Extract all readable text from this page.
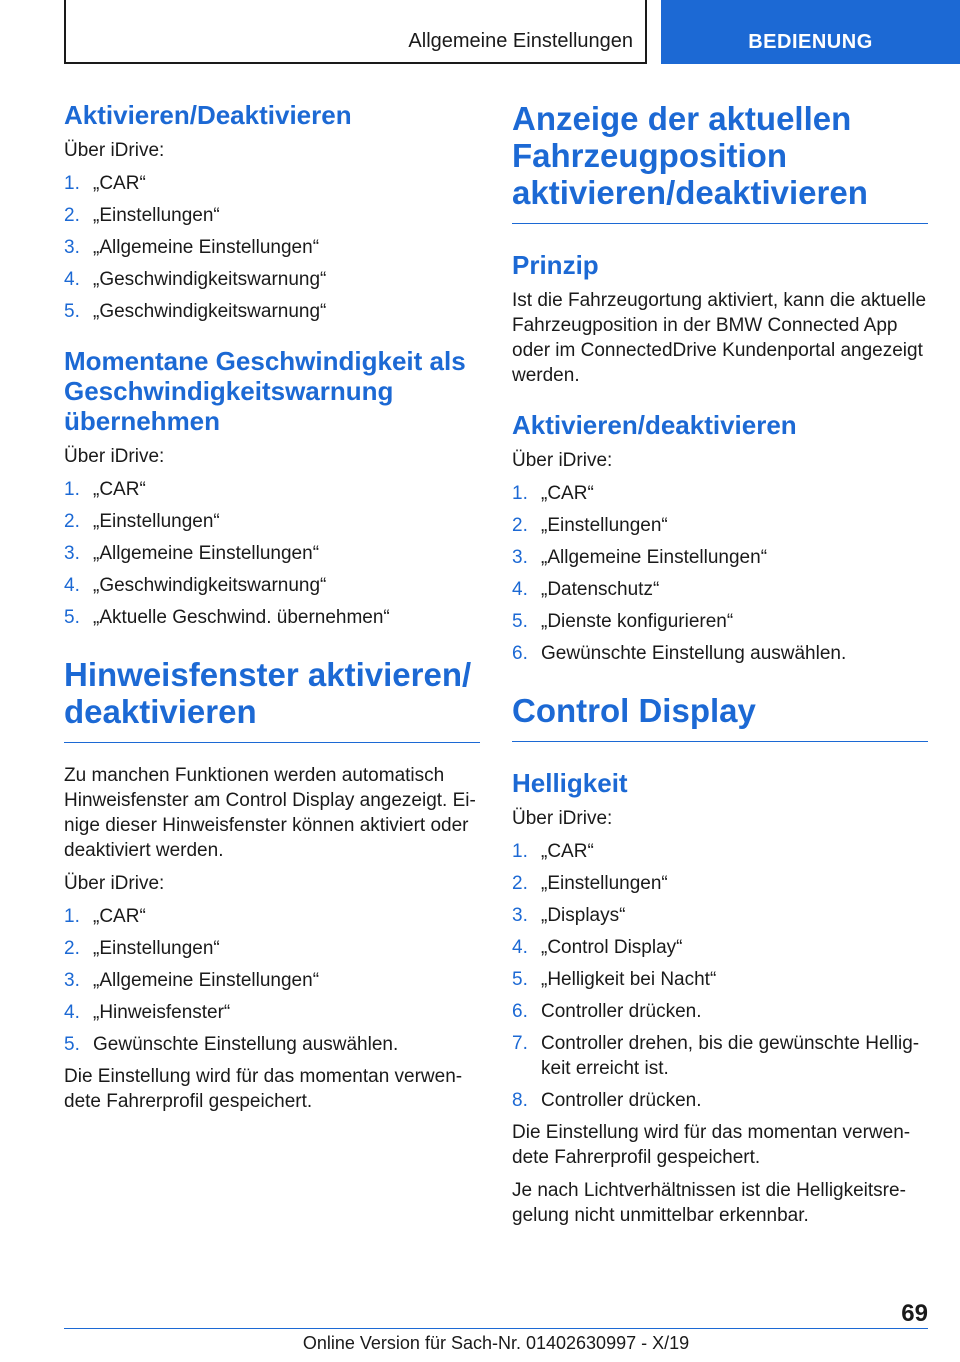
Allgemeine Einstellungen	BEDIENUNG
Aktivieren/Deaktivieren
Über iDrive:
1. „CAR“
2. „Einstellungen“
3. „Allgemeine Einstellungen“
4. „Geschwindigkeitswarnung“
5. „Geschwindigkeitswarnung“
Momentane Geschwindigkeit als Geschwindigkeitswarnung übernehmen
Über iDrive:
1. „CAR“
2. „Einstellungen“
3. „Allgemeine Einstellungen“
4. „Geschwindigkeitswarnung“
5. „Aktuelle Geschwind. übernehmen“
Hinweisfenster aktivieren/ deaktivieren
Zu manchen Funktionen werden automatisch Hinweisfenster am Control Display angezeigt. Einige dieser Hinweisfenster können aktiviert oder deaktiviert werden.
Über iDrive:
1. „CAR“
2. „Einstellungen“
3. „Allgemeine Einstellungen“
4. „Hinweisfenster“
5. Gewünschte Einstellung auswählen.
Die Einstellung wird für das momentan verwendete Fahrerprofil gespeichert.
Anzeige der aktuellen Fahrzeugposition aktivieren/deaktivieren
Prinzip
Ist die Fahrzeugortung aktiviert, kann die aktuelle Fahrzeugposition in der BMW Connected App oder im ConnectedDrive Kundenportal angezeigt werden.
Aktivieren/deaktivieren
Über iDrive:
1. „CAR“
2. „Einstellungen“
3. „Allgemeine Einstellungen“
4. „Datenschutz“
5. „Dienste konfigurieren“
6. Gewünschte Einstellung auswählen.
Control Display
Helligkeit
Über iDrive:
1. „CAR“
2. „Einstellungen“
3. „Displays“
4. „Control Display“
5. „Helligkeit bei Nacht“
6. Controller drücken.
7. Controller drehen, bis die gewünschte Helligkeit erreicht ist.
8. Controller drücken.
Die Einstellung wird für das momentan verwendete Fahrerprofil gespeichert.
Je nach Lichtverhältnissen ist die Helligkeitsregelung nicht unmittelbar erkennbar.
69
Online Version für Sach-Nr. 01402630997 - X/19
